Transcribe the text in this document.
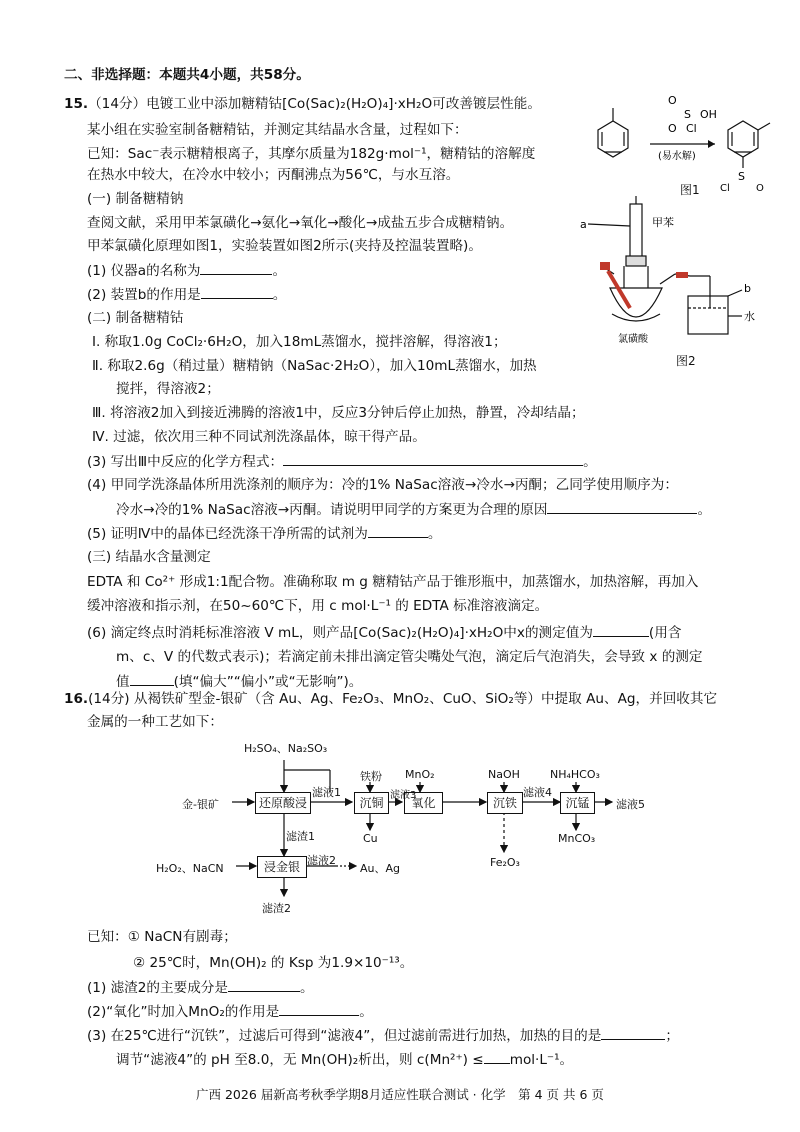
二、非选择题：本题共4小题，共58分。
15.（14分）电镀工业中添加糖精钴[Co(Sac)₂(H₂O)₄]·xH₂O可改善镀层性能。
某小组在实验室制备糖精钴，并测定其结晶水含量，过程如下：
已知：Sac⁻表示糖精根离子，其摩尔质量为182g·mol⁻¹，糖精钴的溶解度
在热水中较大，在冷水中较小；丙酮沸点为56℃，与水互溶。
(一) 制备糖精钠
查阅文献，采用甲苯氯磺化→氨化→氧化→酸化→成盐五步合成糖精钠。
甲苯氯磺化原理如图1，实验装置如图2所示(夹持及控温装置略)。
(1) 仪器a的名称为	。
(2) 装置b的作用是	。
(二) 制备糖精钴
Ⅰ. 称取1.0g CoCl₂·6H₂O，加入18mL蒸馏水，搅拌溶解，得溶液1；
Ⅱ. 称取2.6g（稍过量）糖精钠（NaSac·2H₂O），加入10mL蒸馏水，加热
搅拌，得溶液2；
Ⅲ. 将溶液2加入到接近沸腾的溶液1中，反应3分钟后停止加热，静置，冷却结晶；
Ⅳ. 过滤，依次用三种不同试剂洗涤晶体，晾干得产品。
(3) 写出Ⅲ中反应的化学方程式：	。
(4) 甲同学洗涤晶体所用洗涤剂的顺序为：冷的1% NaSac溶液→冷水→丙酮；乙同学使用顺序为：
冷水→冷的1% NaSac溶液→丙酮。请说明甲同学的方案更为合理的原因	。
(5) 证明Ⅳ中的晶体已经洗涤干净所需的试剂为	。
(三) 结晶水含量测定
EDTA 和 Co²⁺ 形成1:1配合物。准确称取 m g 糖精钴产品于锥形瓶中，加蒸馏水，加热溶解，再加入
缓冲溶液和指示剂，在50~60℃下，用 c mol·L⁻¹ 的 EDTA 标准溶液滴定。
(6) 滴定终点时消耗标准溶液 V mL，则产品[Co(Sac)₂(H₂O)₄]·xH₂O中x的测定值为	(用含
m、c、V 的代数式表示)；若滴定前未排出滴定管尖嘴处气泡，滴定后气泡消失，会导致 x 的测定
值	(填“偏大”“偏小”或“无影响”)。
O
S OH
O Cl
(易水解)
S
Cl	O
图1
a	甲苯
b
水
氯磺酸
图2
16.(14分) 从褐铁矿型金-银矿（含 Au、Ag、Fe₂O₃、MnO₂、CuO、SiO₂等）中提取 Au、Ag，并回收其它
金属的一种工艺如下：
还原酸浸	沉铜	氧化	沉铁	沉锰
浸金银
金-银矿
H₂SO₄、Na₂SO₃
滤液1
铁粉
Cu
滤液3
MnO₂	NaOH
Fe₂O₃
滤液4
NH₄HCO₃
MnCO₃
滤液5
滤渣1
H₂O₂、NaCN
滤液2
Au、Ag
滤渣2
已知：① NaCN有剧毒；
② 25℃时，Mn(OH)₂ 的 Ksp 为1.9×10⁻¹³。
(1) 滤渣2的主要成分是	。
(2)“氧化”时加入MnO₂的作用是	。
(3) 在25℃进行“沉铁”，过滤后可得到“滤液4”，但过滤前需进行加热，加热的目的是	；
调节“滤液4”的 pH 至8.0，无 Mn(OH)₂析出，则 c(Mn²⁺) ≤ mol·L⁻¹。
广西 2026 届新高考秋季学期8月适应性联合测试 · 化学　第 4 页 共 6 页
